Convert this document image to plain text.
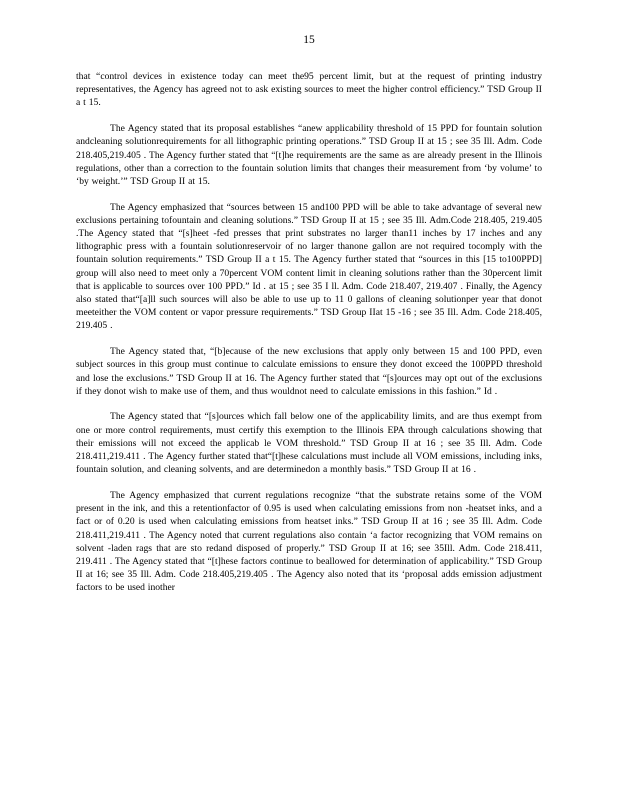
15

that “control devices in existence today can meet the95 percent limit, but at the request of printing industry representatives, the Agency has agreed not to ask existing sources to meet the higher control efficiency.” TSD Group II a t 15.

The Agency stated that its proposal establishes “anew applicability threshold of 15 PPD for fountain solution andcleaning solutionrequirements for all lithographic printing operations.” TSD Group II at 15 ; see 35 Ill. Adm. Code 218.405,219.405 . The Agency further stated that “[t]he requirements are the same as are already present in the Illinois regulations, other than a correction to the fountain solution limits that changes their measurement from ‘by volume’ to ‘by weight.’” TSD Group II at 15.

The Agency emphasized that “sources between 15 and100 PPD will be able to take advantage of several new exclusions pertaining tofountain and cleaning solutions.” TSD Group II at 15 ; see 35 Ill. Adm.Code 218.405, 219.405 .The Agency stated that “[s]heet -fed presses that print substrates no larger than11 inches by 17 inches and any lithographic press with a fountain solutionreservoir of no larger thanone gallon are not required tocomply with the fountain solution requirements.” TSD Group II a t 15. The Agency further stated that “sources in this [15 to100PPD] group will also need to meet only a 70percent VOM content limit in cleaning solutions rather than the 30percent limit that is applicable to sources over 100 PPD.” Id . at 15 ; see 35 I ll. Adm. Code 218.407, 219.407 . Finally, the Agency also stated that“[a]ll such sources will also be able to use up to 11 0 gallons of cleaning solutionper year that donot meeteither the VOM content or vapor pressure requirements.” TSD Group IIat 15 -16 ; see 35 Ill. Adm. Code 218.405, 219.405 .

The Agency stated that, “[b]ecause of the new exclusions that apply only between 15 and 100 PPD, even subject sources in this group must continue to calculate emissions to ensure they donot exceed the 100PPD threshold and lose the exclusions.” TSD Group II at 16. The Agency further stated that “[s]ources may opt out of the exclusions if they donot wish to make use of them, and thus wouldnot need to calculate emissions in this fashion.” Id .

The Agency stated that “[s]ources which fall below one of the applicability limits, and are thus exempt from one or more control requirements, must certify this exemption to the Illinois EPA through calculations showing that their emissions will not exceed the applicab le VOM threshold.” TSD Group II at 16 ; see 35 Ill. Adm. Code 218.411,219.411 . The Agency further stated that“[t]hese calculations must include all VOM emissions, including inks, fountain solution, and cleaning solvents, and are determinedon a monthly basis.” TSD Group II at 16 .

The Agency emphasized that current regulations recognize “that the substrate retains some of the VOM present in the ink, and this a retentionfactor of 0.95 is used when calculating emissions from non -heatset inks, and a fact or of 0.20 is used when calculating emissions from heatset inks.” TSD Group II at 16 ; see 35 Ill. Adm. Code 218.411,219.411 . The Agency noted that current regulations also contain ‘a factor recognizing that VOM remains on solvent -laden rags that are sto redand disposed of properly.” TSD Group II at 16; see 35Ill. Adm. Code 218.411, 219.411 . The Agency stated that “[t]hese factors continue to beallowed for determination of applicability.” TSD Group II at 16; see 35 Ill. Adm. Code 218.405,219.405 . The Agency also noted that its ‘proposal adds emission adjustment factors to be used inother
